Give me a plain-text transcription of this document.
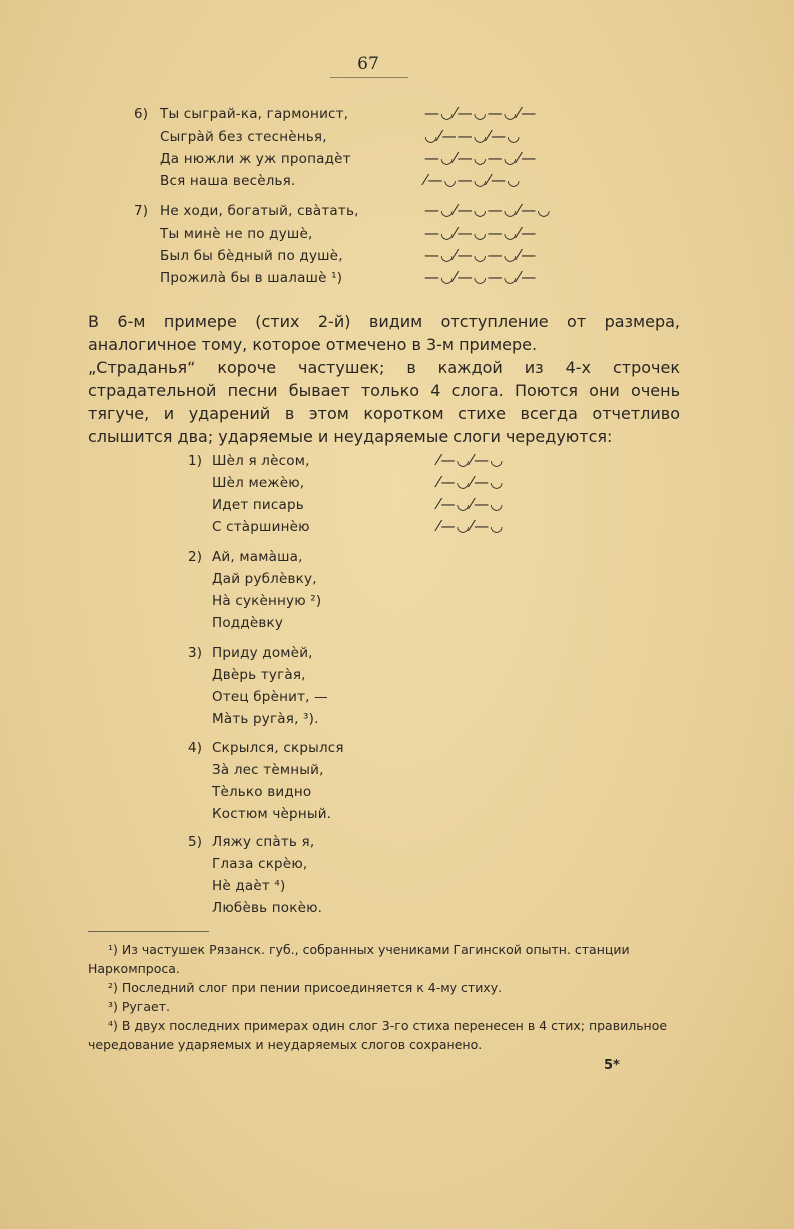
67
6) Ты сыграй-ка, гармонист,
Сыгрàй без стеснѐнья,
Да нюжли ж уж пропадѐт
Вся наша весѐлья.
—◡⁄—◡—◡⁄—
◡⁄——◡⁄—◡
—◡⁄—◡—◡⁄—
⁄—◡—◡⁄—◡
7) Не ходи, богатый, свàтать,
Ты минѐ не по душѐ,
Был бы бѐдный по душѐ,
Прожилà бы в шалашѐ ¹)
—◡⁄—◡—◡⁄—◡
—◡⁄—◡—◡⁄—
—◡⁄—◡—◡⁄—
—◡⁄—◡—◡⁄—
В 6-м примере (стих 2-й) видим отступление от размера, аналогичное тому, которое отмечено в 3-м примере.
„Страданья“ короче частушек; в каждой из 4-х строчек страдательной песни бывает только 4 слога. Поются они очень тягуче, и ударений в этом коротком стихе всегда отчетливо слышится два; ударяемые и неударяемые слоги чередуются:
1) Шѐл я лѐсом,
Шѐл межѐю,
Идет писарь
С стàршинѐю
⁄—◡⁄—◡
⁄—◡⁄—◡
⁄—◡⁄—◡
⁄—◡⁄—◡
2) Ай, мамàша,
Дай рублѐвку,
Нà сукѐнную ²)
Поддѐвку
3) Приду домѐй,
Двѐрь тугàя,
Отец брѐнит, —
Мàть ругàя, ³).
4) Скрылся, скрылся
Зà лес тѐмный,
Тѐлько видно
Костюм чѐрный.
5) Ляжу спàть я,
Глаза скрѐю,
Нѐ даѐт ⁴)
Любѐвь покѐю.
¹) Из частушек Рязанск. губ., собранных учениками Гагинской опытн. станции Наркомпроса.
²) Последний слог при пении присоединяется к 4-му стиху.
³) Ругает.
⁴) В двух последних примерах один слог 3-го стиха перенесен в 4 стих; правильное чередование ударяемых и неударяемых слогов сохранено.
5*
